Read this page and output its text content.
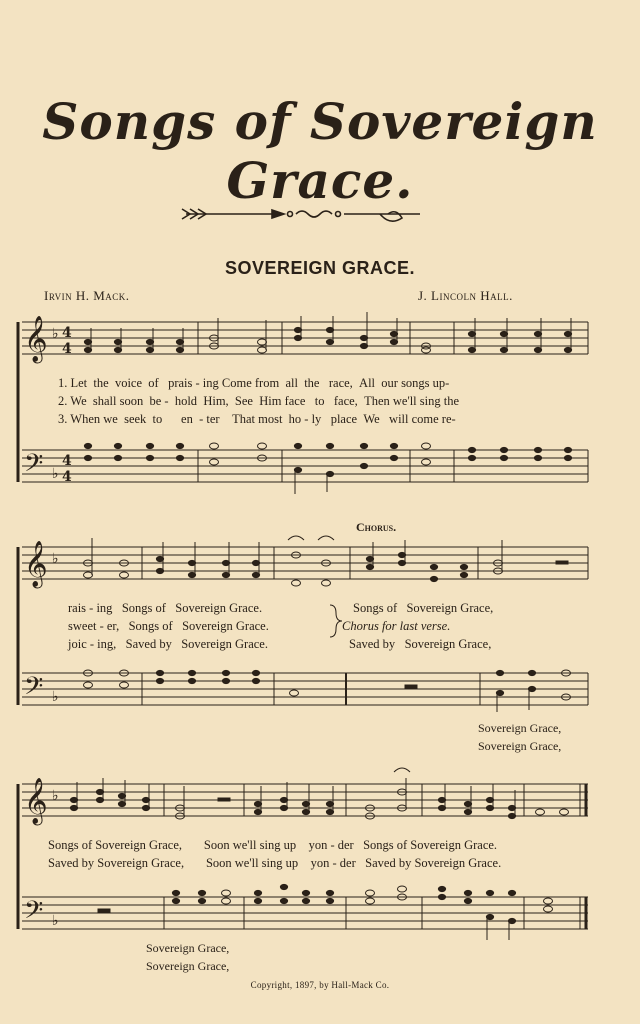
Songs of Sovereign Grace.
SOVEREIGN GRACE.
Irvin H. Mack.	J. Lincoln Hall.
𝄞
𝄢
𝄞
𝄢
𝄞
𝄢
♭
♭
♭
♭
♭
♭
4
4
4
4
1. Let the voice of prais - ing Come from all the race, All our songs up-
2. We shall soon be - hold Him, See Him face to face, Then we'll sing the
3. When we seek to en - ter That most ho - ly place We will come re-
Chorus.
rais - ing Songs of Sovereign Grace.	Songs of Sovereign Grace,
sweet - er, Songs of Sovereign Grace.	Chorus for last verse.
joic - ing, Saved by Sovereign Grace.	Saved by Sovereign Grace,
Sovereign Grace,
Sovereign Grace,
Songs of Sovereign Grace, Soon we'll sing up yon - der Songs of Sovereign Grace.
Saved by Sovereign Grace, Soon we'll sing up yon - der Saved by Sovereign Grace.
Sovereign Grace,
Sovereign Grace,
Copyright, 1897, by Hall-Mack Co.
